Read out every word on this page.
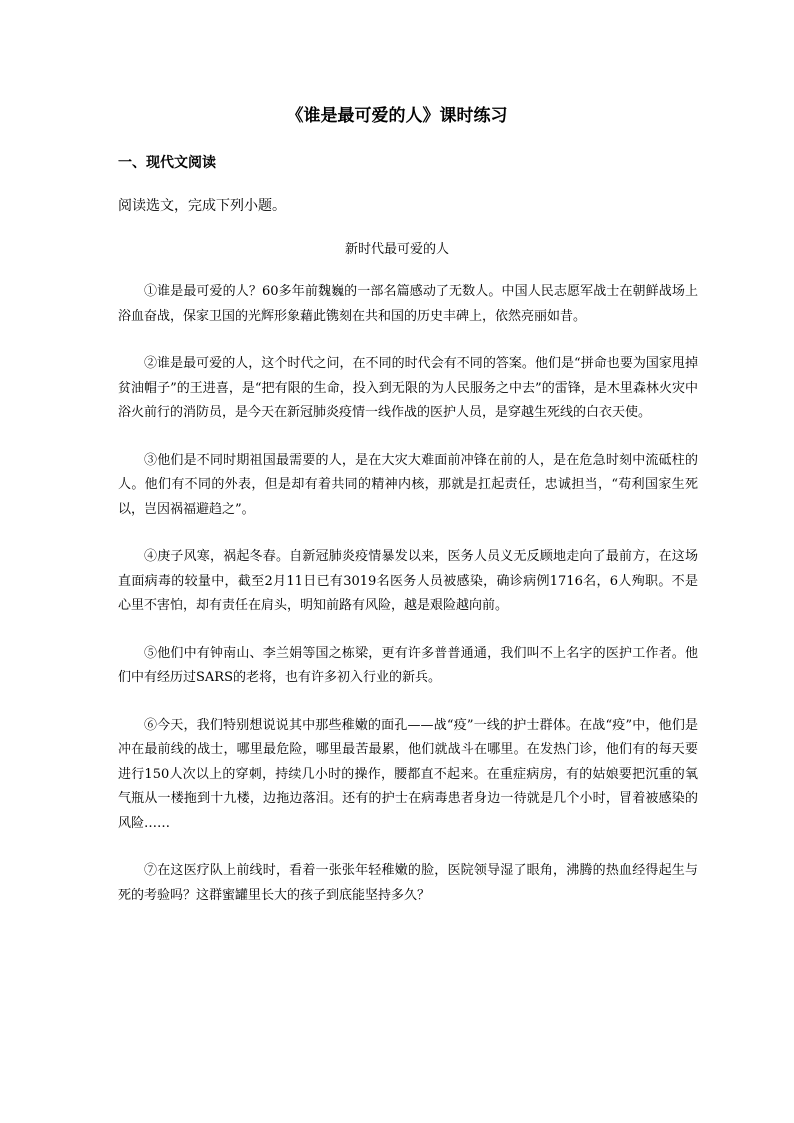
《谁是最可爱的人》课时练习
一、现代文阅读
阅读选文，完成下列小题。
新时代最可爱的人

①谁是最可爱的人？60多年前魏巍的一部名篇感动了无数人。中国人民志愿军战士在朝鲜战场上浴血奋战，保家卫国的光辉形象藉此镌刻在共和国的历史丰碑上，依然亮丽如昔。

②谁是最可爱的人，这个时代之问，在不同的时代会有不同的答案。他们是“拼命也要为国家甩掉贫油帽子”的王进喜，是“把有限的生命，投入到无限的为人民服务之中去”的雷锋，是木里森林火灾中浴火前行的消防员，是今天在新冠肺炎疫情一线作战的医护人员，是穿越生死线的白衣天使。

③他们是不同时期祖国最需要的人，是在大灾大难面前冲锋在前的人，是在危急时刻中流砥柱的人。他们有不同的外表，但是却有着共同的精神内核，那就是扛起责任，忠诚担当，“苟利国家生死以，岂因祸福避趋之”。

④庚子风寒，祸起冬春。自新冠肺炎疫情暴发以来，医务人员义无反顾地走向了最前方，在这场直面病毒的较量中，截至2月11日已有3019名医务人员被感染，确诊病例1716名，6人殉职。不是心里不害怕，却有责任在肩头，明知前路有风险，越是艰险越向前。

⑤他们中有钟南山、李兰娟等国之栋梁，更有许多普普通通，我们叫不上名字的医护工作者。他们中有经历过SARS的老将，也有许多初入行业的新兵。

⑥今天，我们特别想说说其中那些稚嫩的面孔——战“疫”一线的护士群体。在战“疫”中，他们是冲在最前线的战士，哪里最危险，哪里最苦最累，他们就战斗在哪里。在发热门诊，他们有的每天要进行150人次以上的穿刺，持续几小时的操作，腰都直不起来。在重症病房，有的姑娘要把沉重的氧气瓶从一楼拖到十九楼，边拖边落泪。还有的护士在病毒患者身边一待就是几个小时，冒着被感染的风险……

⑦在这医疗队上前线时，看着一张张年轻稚嫩的脸，医院领导湿了眼角，沸腾的热血经得起生与死的考验吗？这群蜜罐里长大的孩子到底能坚持多久？
